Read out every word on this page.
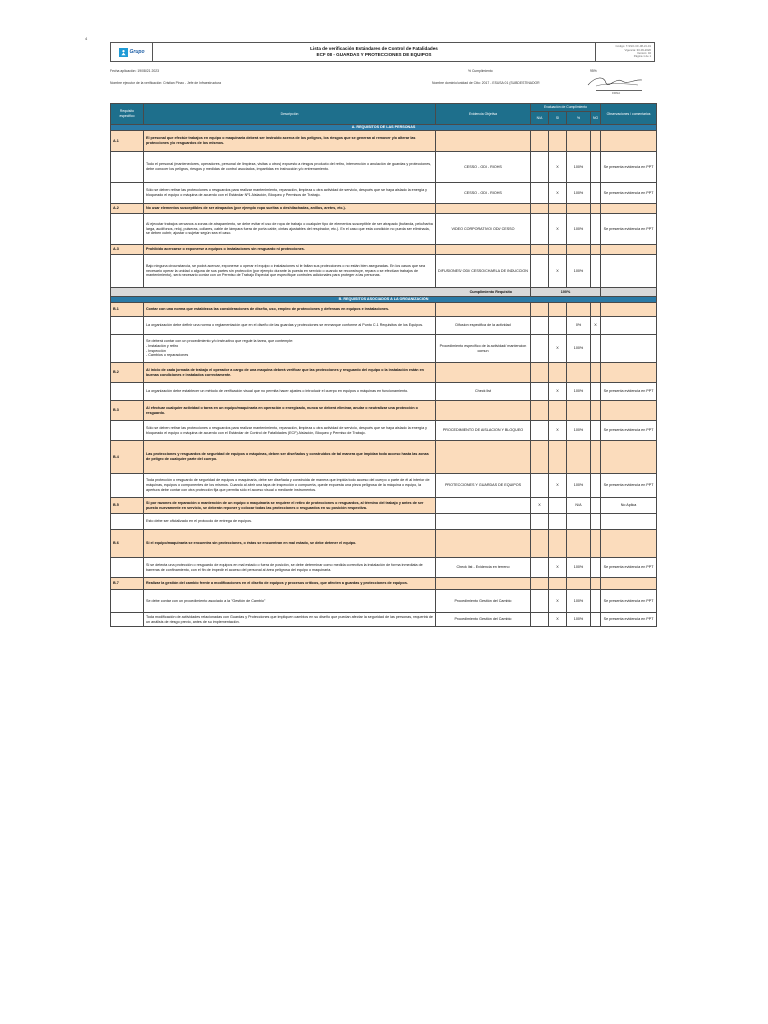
4
Grupo
Lista de verificación Estándares de Control de Fatalidades
ECF 08 - GUARDAS Y PROTECCIONES DE EQUIPOS
Código: T-SSO-CF-08-LV-01
Vigencia: 30-09-2020
Versión: 02
Página 1 de 1
Fecha aplicación: 19/08/21 2023	% Cumplimiento	95%
Nombre ejecutor de la verificación: Cristian Pinzo - Jefe de Infraestructura	Nombre dominio/unidad de Ctto: 2017 - ESUSA 01 (SUBDESTINADOR
FIRMA
Requisito especifico	Descripción	Evidencia Objetiva	Evaluación de Cumplimiento				Observaciones / comentarios
			N/A	SI	%	NO	
A. REQUISITOS DE LAS PERSONAS							
A.1	El personal que efectúe trabajos en equipo o maquinaria deberá ser instruido acerca de los peligros, los riesgos que se generan al remover y/o alterar las protecciones y/o resguardos de los mismos.						
	Todo el personal (mantenedores, operadores, personal de limpieza, visitas u otros) expuesto a riesgos producto del retiro, intervención o anulación de guardas y protecciones, debe conocer los peligros, riesgos y medidas de control asociados, impartidas en instrucción y/o entrenamiento.	CESSO - ODI - RIOHS		X	100%		Se presenta evidencia en PPT
	Sólo se deben retirar las protecciones o resguardos para realizar mantenimiento, reparación, limpieza u otra actividad de servicio, después que se haya aislado la energía y bloqueado el equipo o máquina de acuerdo con el Estándar Nº1 Aislación, Bloqueo y Permisos de Trabajo.	CESSO - ODI - RIOHS		X	100%		Se presenta evidencia en PPT
A.2	No usar elementos susceptibles de ser atrapados (por ejemplo ropa sueltas o deshilachadas, anillos, aretes, etc.).						
	Al ejecutar trabajos cercanos a zonas de atrapamiento, se debe evitar el uso de ropa de trabajo o cualquier tipo de elementos susceptible de ser atrapado (bufanda, pelo/barba larga, audífonos, reloj, pulseras, collares, cable de lámpara fuera de porta cable, cintas ajustables del respirador, etc.). En el caso que esta condición no pueda ser eliminada, se deben cubrir, ajustar o sujetar según sea el caso.	VIDEO CORPORATIVO/ ODI/ CESSO		X	100%		Se presenta evidencia en PPT
A.3	Prohibido acercarse o exponerse a equipos o instalaciones sin resguardo ni protecciones.						
	Bajo ninguna circunstancia, se podrá acercar, exponerse u operar el equipo o instalaciones si le faltan sus protecciones o no están bien aseguradas. En los casos que sea necesario operar la unidad o alguna de sus partes sin protección (por ejemplo durante la puesta en servicio o cuando se reconstruye, repara o se efectúan trabajos de mantenimiento), será necesario contar con un Permiso de Trabajo Especial que especifique controles adicionales para proteger a las personas.	DIFUSIONES/ ODI/ CESSO/CHARLA DE INDUCCION		X	100%		
Cumplimiento Requisito			100%				
B. REQUISITOS ASOCIADOS A LA ORGANIZACIÓN							
B.1	Contar con una norma que establezca las consideraciones de diseño, uso, empleo de protecciones y defensas en equipos e instalaciones.						
	La organización debe definir una norma o reglamentación que en el diseño de las guardas y protecciones se enmarque conforme al Punto C.1 Requisitos de los Equipos.	Difusion especifica de la actividad			0%	X	
	Se deberá contar con un procedimiento y/o instructivo que regule la tarea, que contemple:
- Instalación y retiro
- Inspección
- Cambios o reparaciones	Procedimiento especifico de la actividad/ mantencion comun		X	100%		
B.2	Al inicio de cada jornada de trabajo el operador a cargo de una maquina deberá verificar que las protecciones y resguardo del equipo o la instalación están en buenas condiciones e instalados correctamente.						
	La organización debe establecer un método de verificación visual que no permita hacer ajustes o introducir el cuerpo en equipos o máquinas en funcionamiento.	Check list		X	100%		Se presenta evidencia en PPT
B.3	Al efectuar cualquier actividad o tarea en un equipo/maquinaria en operación o energizado, nunca se deberá eliminar, anular o neutralizar una protección o resguardo.						
	Sólo se deben retirar las protecciones o resguardos para realizar mantenimiento, reparación, limpieza u otra actividad de servicio, después que se haya aislado la energía y bloqueado el equipo o máquina de acuerdo con el Estándar de Control de Fatalidades (ECF) Aislación, Bloqueo y Permiso de Trabajo.	PROCEDIMIENTO DE AISLACION Y BLOQUEO		X	100%		Se presenta evidencia en PPT
B.4	Las protecciones y resguardos de seguridad de equipos o máquinas, deben ser diseñados y construidos de tal manera que impidan todo acceso hasta las zonas de peligro de cualquier parte del cuerpo.						
	Toda protección o resguardo de seguridad de equipos o maquinaria, debe ser diseñada y construida de manera que impida todo acceso del cuerpo o parte de él al interior de máquinas, equipos o componentes de los mismos. Cuando al abrir una tapa de inspección o compuerta, quede expuesta una pieza peligrosa de la máquina o equipo, la apertura debe contar con otra protección fija que permita sólo el acceso visual o mediante instrumentos.	PROTECCIONES Y GUARDAS DE EQUIPOS		X	100%		Se presenta evidencia en PPT
B.5	Si por razones de reparación o mantención de un equipo o maquinaria se requiere el retiro de protecciones o resguardos, al término del trabajo y antes de ser puesto nuevamente en servicio, se deberán reponer y colocar todas las protecciones o resguardos en su posición respectiva.		X		N/A		No Aplica
	Esto debe ser oficializado en el protocolo de entrega de equipos.						
B.6	Si el equipo/maquinaria se encuentra sin protecciones, o éstas se encuentran en mal estado, se debe detener el equipo.						
	Si se detecta una protección o resguardo de equipos en mal estado o fuera de posición, se debe determinar como medida correctiva la instalación de forma inmediata de barreras de confinamiento, con el fin de impedir el acceso del personal al área peligrosa del equipo o maquinaria.	Check list - Evidencia en terreno		X	100%		Se presenta evidencia en PPT
B.7	Realizar la gestión del cambio frente a modificaciones en el diseño de equipos y procesos críticos, que afecten a guardas y protecciones de equipos.						
	Se debe contar con un procedimiento asociado a la "Gestión de Cambio"	Procedimiento Gestión del Cambio		X	100%		Se presenta evidencia en PPT
	Toda modificación de actividades relacionadas con Guardas y Protecciones que impliquen cambios en su diseño que puedan afectar la seguridad de las personas, requerirá de un análisis de riesgo previo, antes de su implementación.	Procedimiento Gestión del Cambio		X	100%		Se presenta evidencia en PPT
